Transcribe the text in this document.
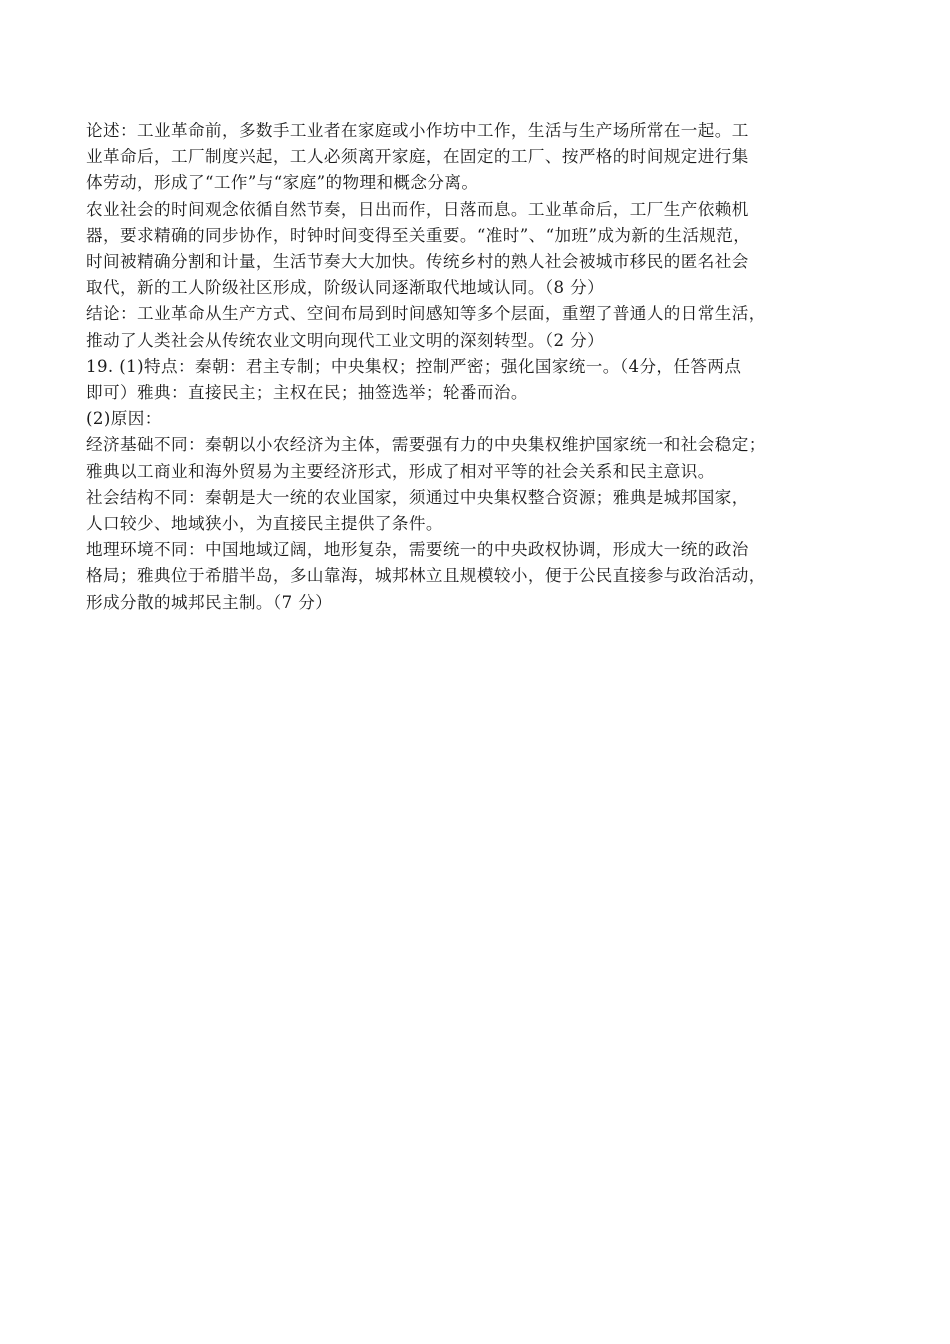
论述：工业革命前，多数手工业者在家庭或小作坊中工作，生活与生产场所常在一起。工
业革命后，工厂制度兴起，工人必须离开家庭，在固定的工厂、按严格的时间规定进行集
体劳动，形成了“工作”与“家庭”的物理和概念分离。

农业社会的时间观念依循自然节奏，日出而作，日落而息。工业革命后，工厂生产依赖机
器，要求精确的同步协作，时钟时间变得至关重要。“准时”、“加班”成为新的生活规范，
时间被精确分割和计量，生活节奏大大加快。传统乡村的熟人社会被城市移民的匿名社会
取代，新的工人阶级社区形成，阶级认同逐渐取代地域认同。（8 分）

结论：工业革命从生产方式、空间布局到时间感知等多个层面，重塑了普通人的日常生活，
推动了人类社会从传统农业文明向现代工业文明的深刻转型。（2 分）

19. (1)特点：秦朝：君主专制；中央集权；控制严密；强化国家统一。（4分，任答两点
即可）雅典：直接民主；主权在民；抽签选举；轮番而治。

(2)原因：

经济基础不同：秦朝以小农经济为主体，需要强有力的中央集权维护国家统一和社会稳定；
雅典以工商业和海外贸易为主要经济形式，形成了相对平等的社会关系和民主意识。

社会结构不同：秦朝是大一统的农业国家，须通过中央集权整合资源；雅典是城邦国家，
人口较少、地域狭小，为直接民主提供了条件。

地理环境不同：中国地域辽阔，地形复杂，需要统一的中央政权协调，形成大一统的政治
格局；雅典位于希腊半岛，多山靠海，城邦林立且规模较小，便于公民直接参与政治活动，
形成分散的城邦民主制。（7 分）
